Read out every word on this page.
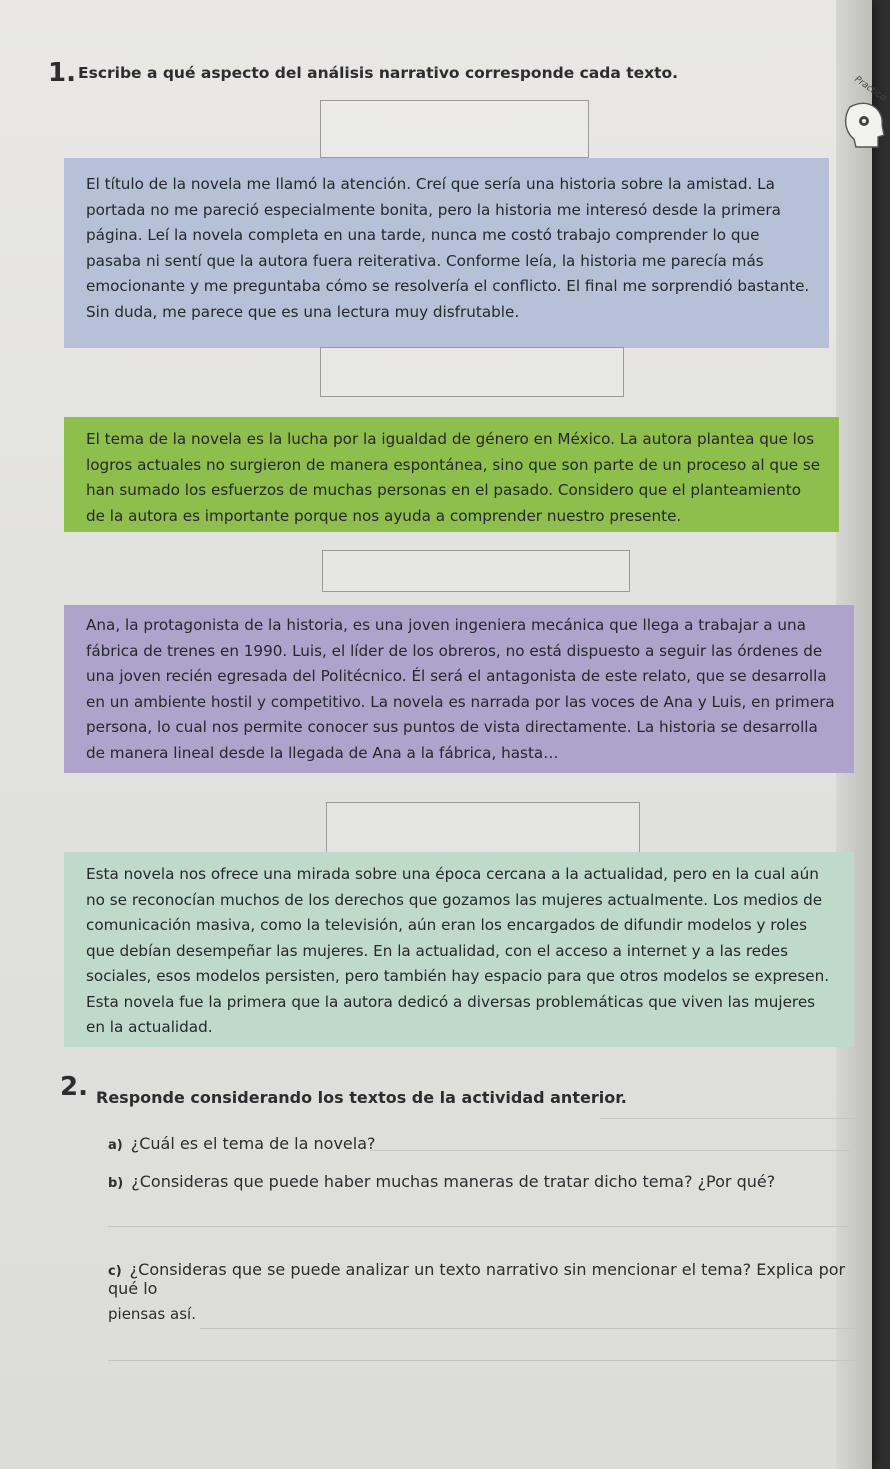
1. Escribe a qué aspecto del análisis narrativo corresponde cada texto.
Practico
El título de la novela me llamó la atención. Creí que sería una historia sobre la amistad. La portada no me pareció especialmente bonita, pero la historia me interesó desde la primera página. Leí la novela completa en una tarde, nunca me costó trabajo comprender lo que pasaba ni sentí que la autora fuera reiterativa. Conforme leía, la historia me parecía más emocionante y me preguntaba cómo se resolvería el conflicto. El final me sorprendió bastante. Sin duda, me parece que es una lectura muy disfrutable.
El tema de la novela es la lucha por la igualdad de género en México. La autora plantea que los logros actuales no surgieron de manera espontánea, sino que son parte de un proceso al que se han sumado los esfuerzos de muchas personas en el pasado. Considero que el planteamiento de la autora es importante porque nos ayuda a comprender nuestro presente.
Ana, la protagonista de la historia, es una joven ingeniera mecánica que llega a trabajar a una fábrica de trenes en 1990. Luis, el líder de los obreros, no está dispuesto a seguir las órdenes de una joven recién egresada del Politécnico. Él será el antagonista de este relato, que se desarrolla en un ambiente hostil y competitivo. La novela es narrada por las voces de Ana y Luis, en primera persona, lo cual nos permite conocer sus puntos de vista directamente. La historia se desarrolla de manera lineal desde la llegada de Ana a la fábrica, hasta…
Esta novela nos ofrece una mirada sobre una época cercana a la actualidad, pero en la cual aún no se reconocían muchos de los derechos que gozamos las mujeres actualmente. Los medios de comunicación masiva, como la televisión, aún eran los encargados de difundir modelos y roles que debían desempeñar las mujeres. En la actualidad, con el acceso a internet y a las redes sociales, esos modelos persisten, pero también hay espacio para que otros modelos se expresen. Esta novela fue la primera que la autora dedicó a diversas problemáticas que viven las mujeres en la actualidad.
2. Responde considerando los textos de la actividad anterior.
a) ¿Cuál es el tema de la novela?
b) ¿Consideras que puede haber muchas maneras de tratar dicho tema? ¿Por qué?
c) ¿Consideras que se puede analizar un texto narrativo sin mencionar el tema? Explica por qué lo
piensas así.
